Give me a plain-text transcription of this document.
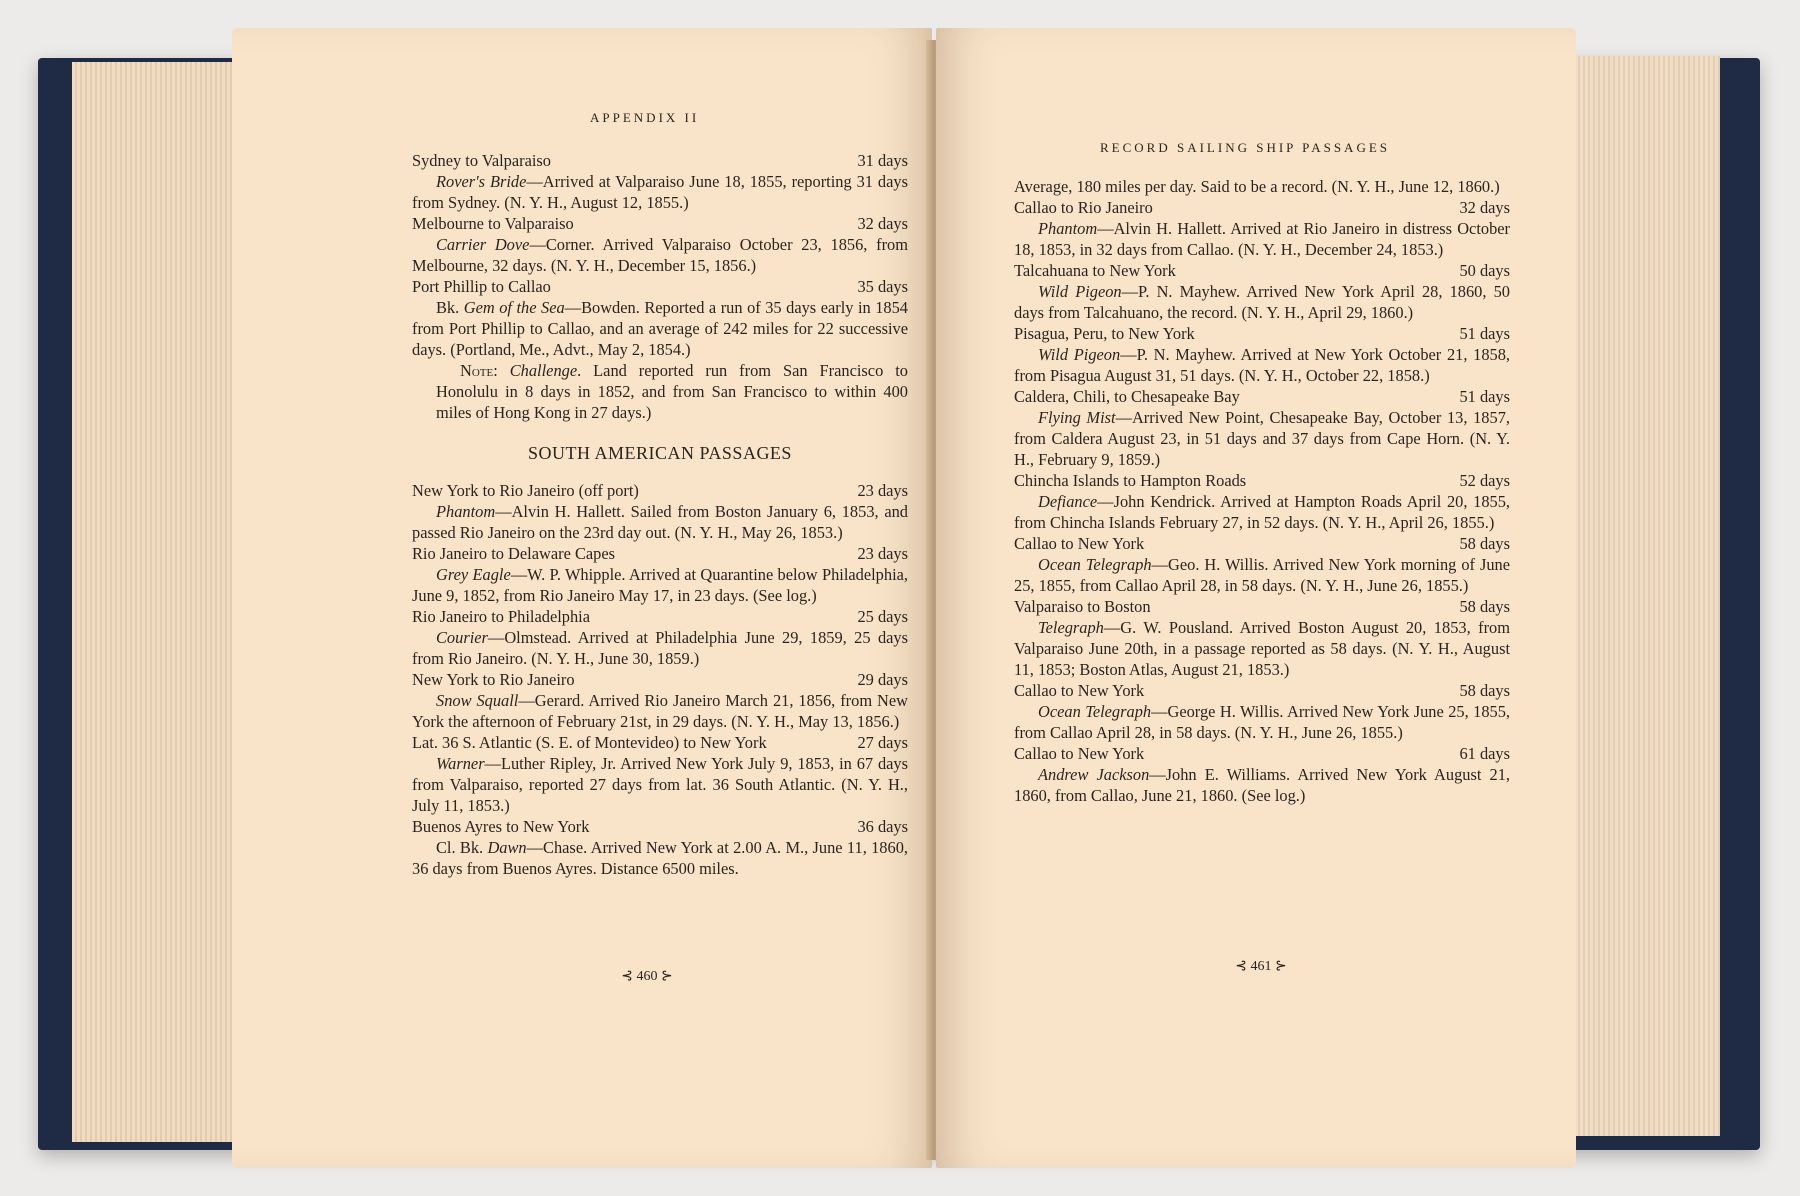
APPENDIX II
Sydney to Valparaiso	31 days
Rover's Bride—Arrived at Valparaiso June 18, 1855, reporting 31 days from Sydney. (N. Y. H., August 12, 1855.)
Melbourne to Valparaiso	32 days
Carrier Dove—Corner. Arrived Valparaiso October 23, 1856, from Melbourne, 32 days. (N. Y. H., December 15, 1856.)
Port Phillip to Callao	35 days
Bk. Gem of the Sea—Bowden. Reported a run of 35 days early in 1854 from Port Phillip to Callao, and an average of 242 miles for 22 successive days. (Portland, Me., Advt., May 2, 1854.)
Note: Challenge. Land reported run from San Francisco to Honolulu in 8 days in 1852, and from San Francisco to within 400 miles of Hong Kong in 27 days.)
SOUTH AMERICAN PASSAGES
New York to Rio Janeiro (off port)	23 days
Phantom—Alvin H. Hallett. Sailed from Boston January 6, 1853, and passed Rio Janeiro on the 23rd day out. (N. Y. H., May 26, 1853.)
Rio Janeiro to Delaware Capes	23 days
Grey Eagle—W. P. Whipple. Arrived at Quarantine below Philadelphia, June 9, 1852, from Rio Janeiro May 17, in 23 days. (See log.)
Rio Janeiro to Philadelphia	25 days
Courier—Olmstead. Arrived at Philadelphia June 29, 1859, 25 days from Rio Janeiro. (N. Y. H., June 30, 1859.)
New York to Rio Janeiro	29 days
Snow Squall—Gerard. Arrived Rio Janeiro March 21, 1856, from New York the afternoon of February 21st, in 29 days. (N. Y. H., May 13, 1856.)
Lat. 36 S. Atlantic (S. E. of Montevideo) to New York	27 days
Warner—Luther Ripley, Jr. Arrived New York July 9, 1853, in 67 days from Valparaiso, reported 27 days from lat. 36 South Atlantic. (N. Y. H., July 11, 1853.)
Buenos Ayres to New York	36 days
Cl. Bk. Dawn—Chase. Arrived New York at 2.00 A. M., June 11, 1860, 36 days from Buenos Ayres. Distance 6500 miles.
⊰ 460 ⊱
RECORD SAILING SHIP PASSAGES
Average, 180 miles per day. Said to be a record. (N. Y. H., June 12, 1860.)
Callao to Rio Janeiro	32 days
Phantom—Alvin H. Hallett. Arrived at Rio Janeiro in distress October 18, 1853, in 32 days from Callao. (N. Y. H., December 24, 1853.)
Talcahuana to New York	50 days
Wild Pigeon—P. N. Mayhew. Arrived New York April 28, 1860, 50 days from Talcahuano, the record. (N. Y. H., April 29, 1860.)
Pisagua, Peru, to New York	51 days
Wild Pigeon—P. N. Mayhew. Arrived at New York October 21, 1858, from Pisagua August 31, 51 days. (N. Y. H., October 22, 1858.)
Caldera, Chili, to Chesapeake Bay	51 days
Flying Mist—Arrived New Point, Chesapeake Bay, October 13, 1857, from Caldera August 23, in 51 days and 37 days from Cape Horn. (N. Y. H., February 9, 1859.)
Chincha Islands to Hampton Roads	52 days
Defiance—John Kendrick. Arrived at Hampton Roads April 20, 1855, from Chincha Islands February 27, in 52 days. (N. Y. H., April 26, 1855.)
Callao to New York	58 days
Ocean Telegraph—Geo. H. Willis. Arrived New York morning of June 25, 1855, from Callao April 28, in 58 days. (N. Y. H., June 26, 1855.)
Valparaiso to Boston	58 days
Telegraph—G. W. Pousland. Arrived Boston August 20, 1853, from Valparaiso June 20th, in a passage reported as 58 days. (N. Y. H., August 11, 1853; Boston Atlas, August 21, 1853.)
Callao to New York	58 days
Ocean Telegraph—George H. Willis. Arrived New York June 25, 1855, from Callao April 28, in 58 days. (N. Y. H., June 26, 1855.)
Callao to New York	61 days
Andrew Jackson—John E. Williams. Arrived New York August 21, 1860, from Callao, June 21, 1860. (See log.)
⊰ 461 ⊱
